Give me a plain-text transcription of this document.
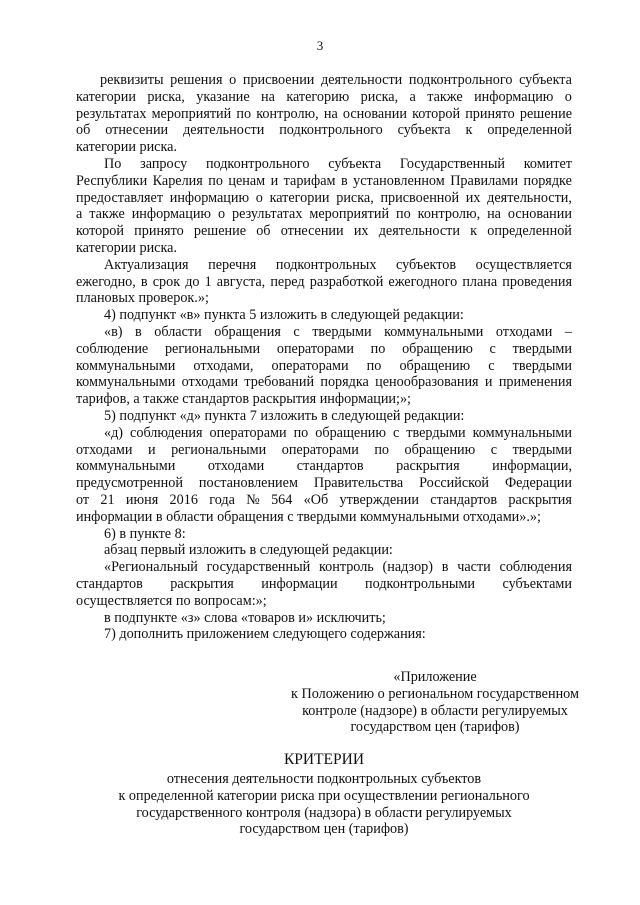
3
реквизиты решения о присвоении деятельности подконтрольного субъекта
категории риска, указание на категорию риска, а также информацию о
результатах мероприятий по контролю, на основании которой принято решение
об отнесении деятельности подконтрольного субъекта к определенной
категории риска.
По запросу подконтрольного субъекта Государственный комитет
Республики Карелия по ценам и тарифам в установленном Правилами порядке
предоставляет информацию о категории риска, присвоенной их деятельности,
а также информацию о результатах мероприятий по контролю, на основании
которой принято решение об отнесении их деятельности к определенной
категории риска.
Актуализация перечня подконтрольных субъектов осуществляется
ежегодно, в срок до 1 августа, перед разработкой ежегодного плана проведения
плановых проверок.»;
4) подпункт «в» пункта 5 изложить в следующей редакции:
«в) в области обращения с твердыми коммунальными отходами –
соблюдение региональными операторами по обращению с твердыми
коммунальными отходами, операторами по обращению с твердыми
коммунальными отходами требований порядка ценообразования и применения
тарифов, а также стандартов раскрытия информации;»;
5) подпункт «д» пункта 7 изложить в следующей редакции:
«д) соблюдения операторами по обращению с твердыми коммунальными
отходами и региональными операторами по обращению с твердыми
коммунальными отходами стандартов раскрытия информации,
предусмотренной постановлением Правительства Российской Федерации
от 21 июня 2016 года № 564 «Об утверждении стандартов раскрытия
информации в области обращения с твердыми коммунальными отходами».»;
6) в пункте 8:
абзац первый изложить в следующей редакции:
«Региональный государственный контроль (надзор) в части соблюдения
стандартов раскрытия информации подконтрольными субъектами
осуществляется по вопросам:»;
в подпункте «з» слова «товаров и» исключить;
7) дополнить приложением следующего содержания:
«Приложение
к Положению о региональном государственном
контроле (надзоре) в области регулируемых
государством цен (тарифов)
КРИТЕРИИ
отнесения деятельности подконтрольных субъектов
к определенной категории риска при осуществлении регионального
государственного контроля (надзора) в области регулируемых
государством цен (тарифов)
